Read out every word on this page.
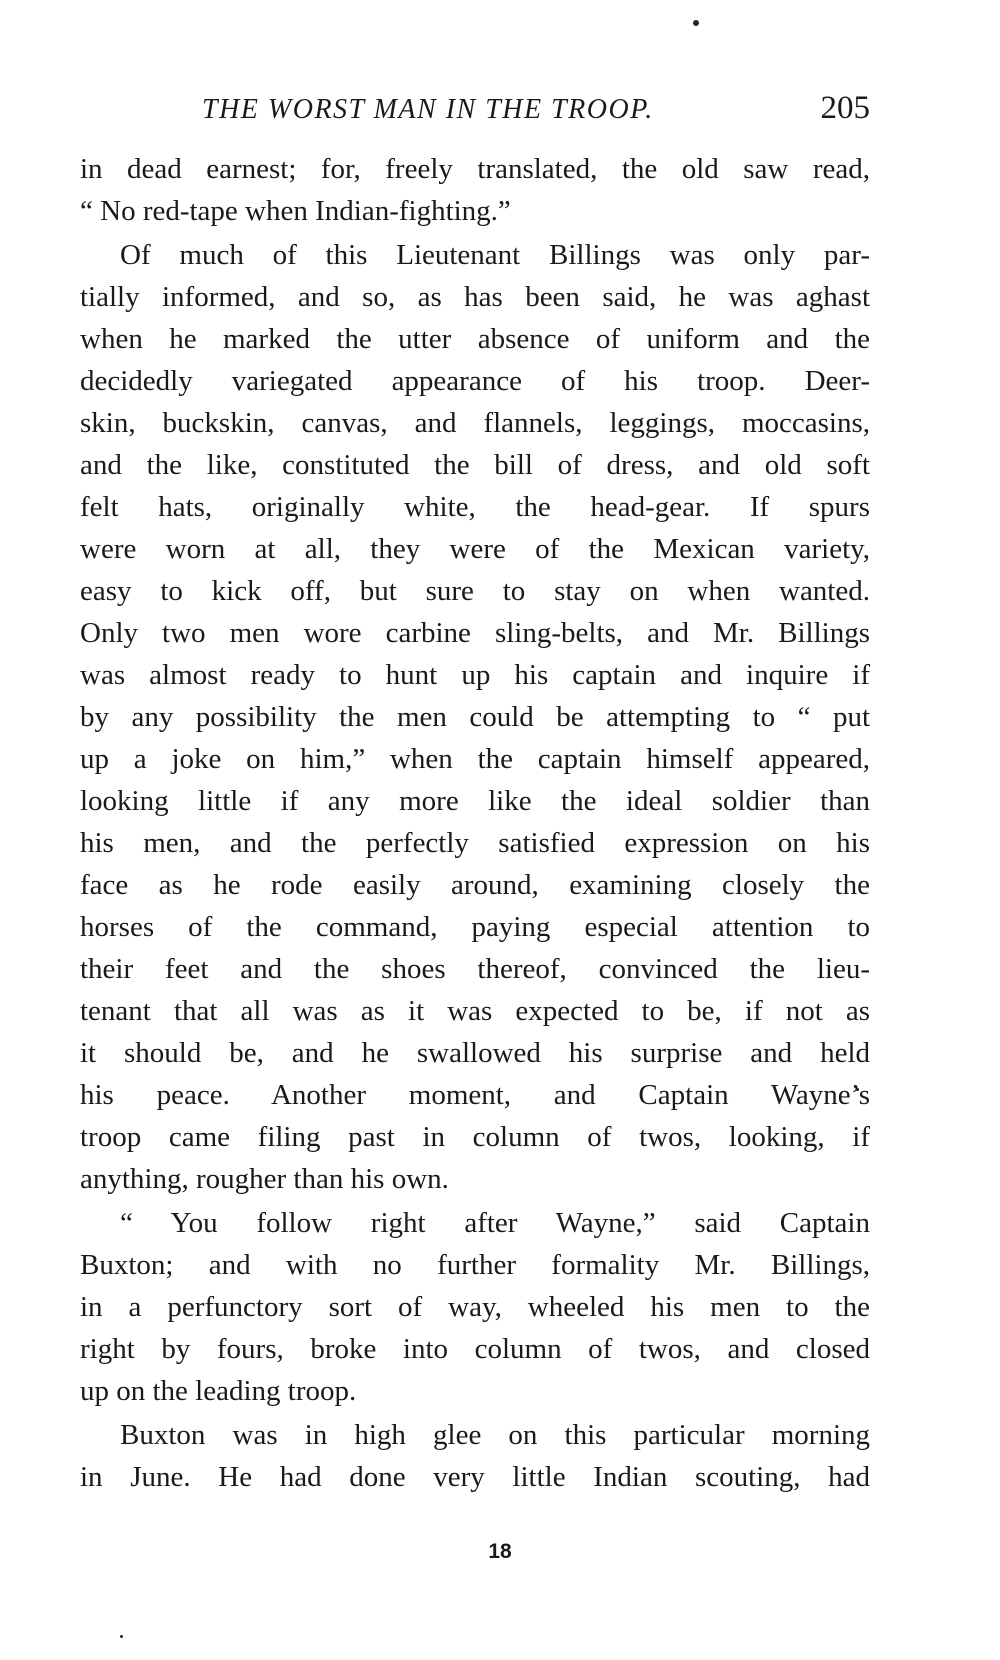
THE WORST MAN IN THE TROOP.	205
in dead earnest; for, freely translated, the old saw read,
“ No red-tape when Indian-fighting.”
Of much of this Lieutenant Billings was only par-
tially informed, and so, as has been said, he was aghast
when he marked the utter absence of uniform and the
decidedly variegated appearance of his troop. Deer-
skin, buckskin, canvas, and flannels, leggings, moccasins,
and the like, constituted the bill of dress, and old soft
felt hats, originally white, the head-gear. If spurs
were worn at all, they were of the Mexican variety,
easy to kick off, but sure to stay on when wanted.
Only two men wore carbine sling-belts, and Mr. Billings
was almost ready to hunt up his captain and inquire if
by any possibility the men could be attempting to “ put
up a joke on him,” when the captain himself appeared,
looking little if any more like the ideal soldier than
his men, and the perfectly satisfied expression on his
face as he rode easily around, examining closely the
horses of the command, paying especial attention to
their feet and the shoes thereof, convinced the lieu-
tenant that all was as it was expected to be, if not as
it should be, and he swallowed his surprise and held
his peace. Another moment, and Captain Wayne’s
troop came filing past in column of twos, looking, if
anything, rougher than his own.
“ You follow right after Wayne,” said Captain
Buxton; and with no further formality Mr. Billings,
in a perfunctory sort of way, wheeled his men to the
right by fours, broke into column of twos, and closed
up on the leading troop.
Buxton was in high glee on this particular morning
in June. He had done very little Indian scouting, had
18
